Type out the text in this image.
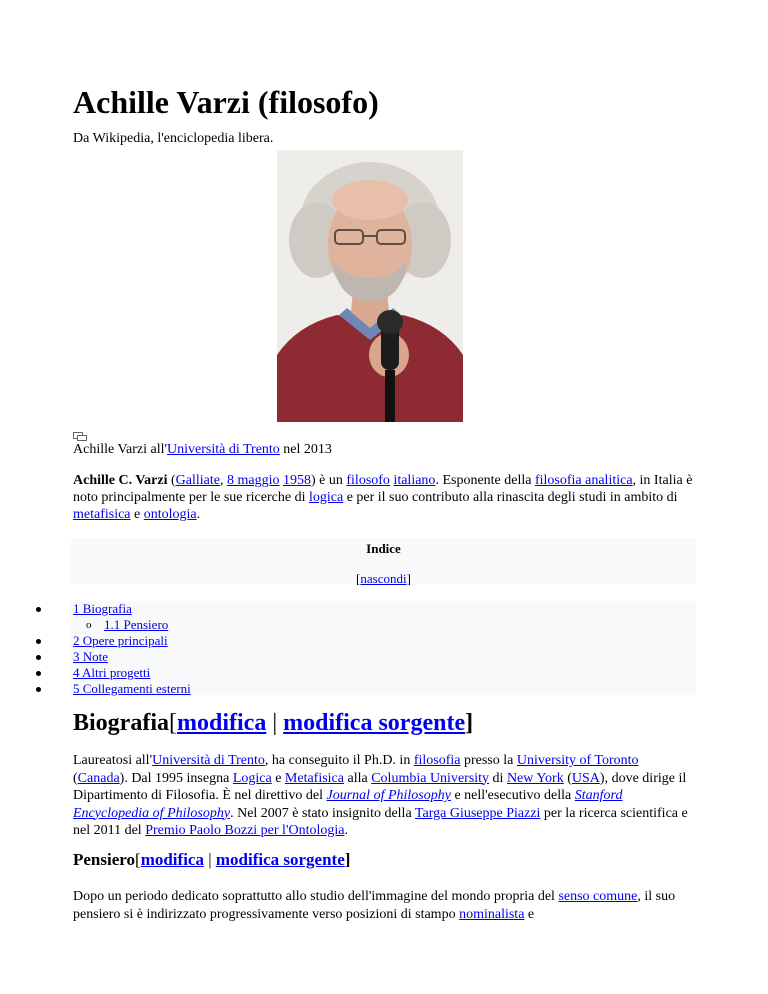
Achille Varzi (filosofo)
Da Wikipedia, l'enciclopedia libera.
Achille Varzi all'Università di Trento nel 2013
Achille C. Varzi (Galliate, 8 maggio 1958) è un filosofo italiano. Esponente della filosofia analitica, in Italia è noto principalmente per le sue ricerche di logica e per il suo contributo alla rinascita degli studi in ambito di metafisica e ontologia.
Indice
[nascondi]
1 Biografia
o 1.1 Pensiero
2 Opere principali
3 Note
4 Altri progetti
5 Collegamenti esterni
Biografia[modifica | modifica sorgente]
Laureatosi all'Università di Trento, ha conseguito il Ph.D. in filosofia presso la University of Toronto (Canada). Dal 1995 insegna Logica e Metafisica alla Columbia University di New York (USA), dove dirige il Dipartimento di Filosofia. È nel direttivo del Journal of Philosophy e nell'esecutivo della Stanford Encyclopedia of Philosophy. Nel 2007 è stato insignito della Targa Giuseppe Piazzi per la ricerca scientifica e nel 2011 del Premio Paolo Bozzi per l'Ontologia.
Pensiero[modifica | modifica sorgente]
Dopo un periodo dedicato soprattutto allo studio dell'immagine del mondo propria del senso comune, il suo pensiero si è indirizzato progressivamente verso posizioni di stampo nominalista e
